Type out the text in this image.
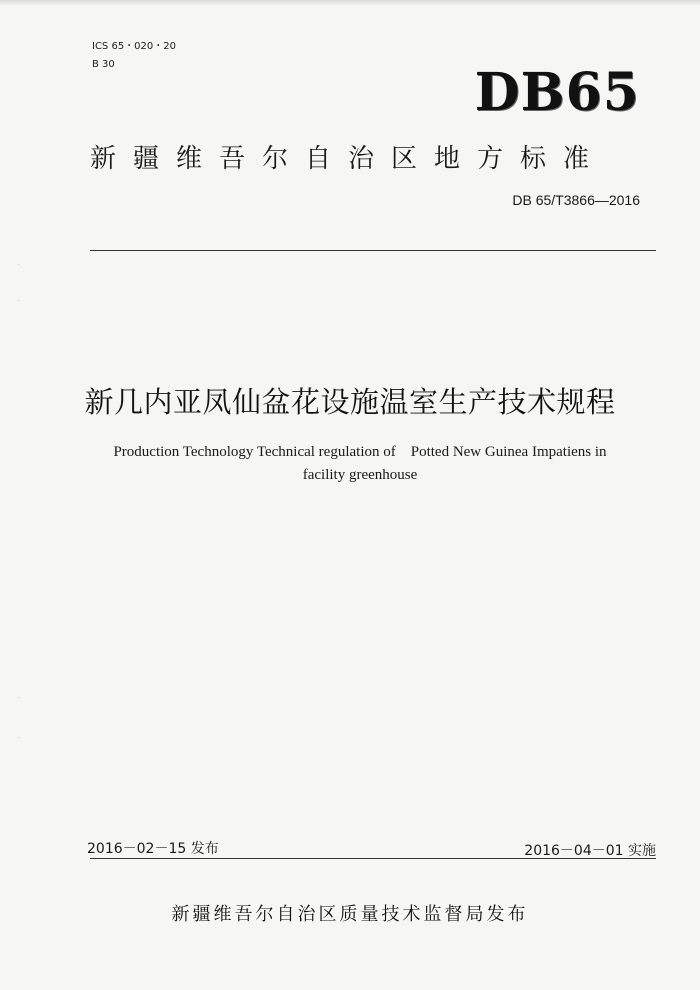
ICS 65・020・20
B 30	DB65
新疆维吾尔自治区地方标准
DB 65/T3866—2016
·
·
·
·
新几内亚凤仙盆花设施温室生产技术规程
Production Technology Technical regulation of    Potted New Guinea Impatiens in
facility greenhouse
2016－02－15 发布	2016－04－01 实施
新疆维吾尔自治区质量技术监督局发布
